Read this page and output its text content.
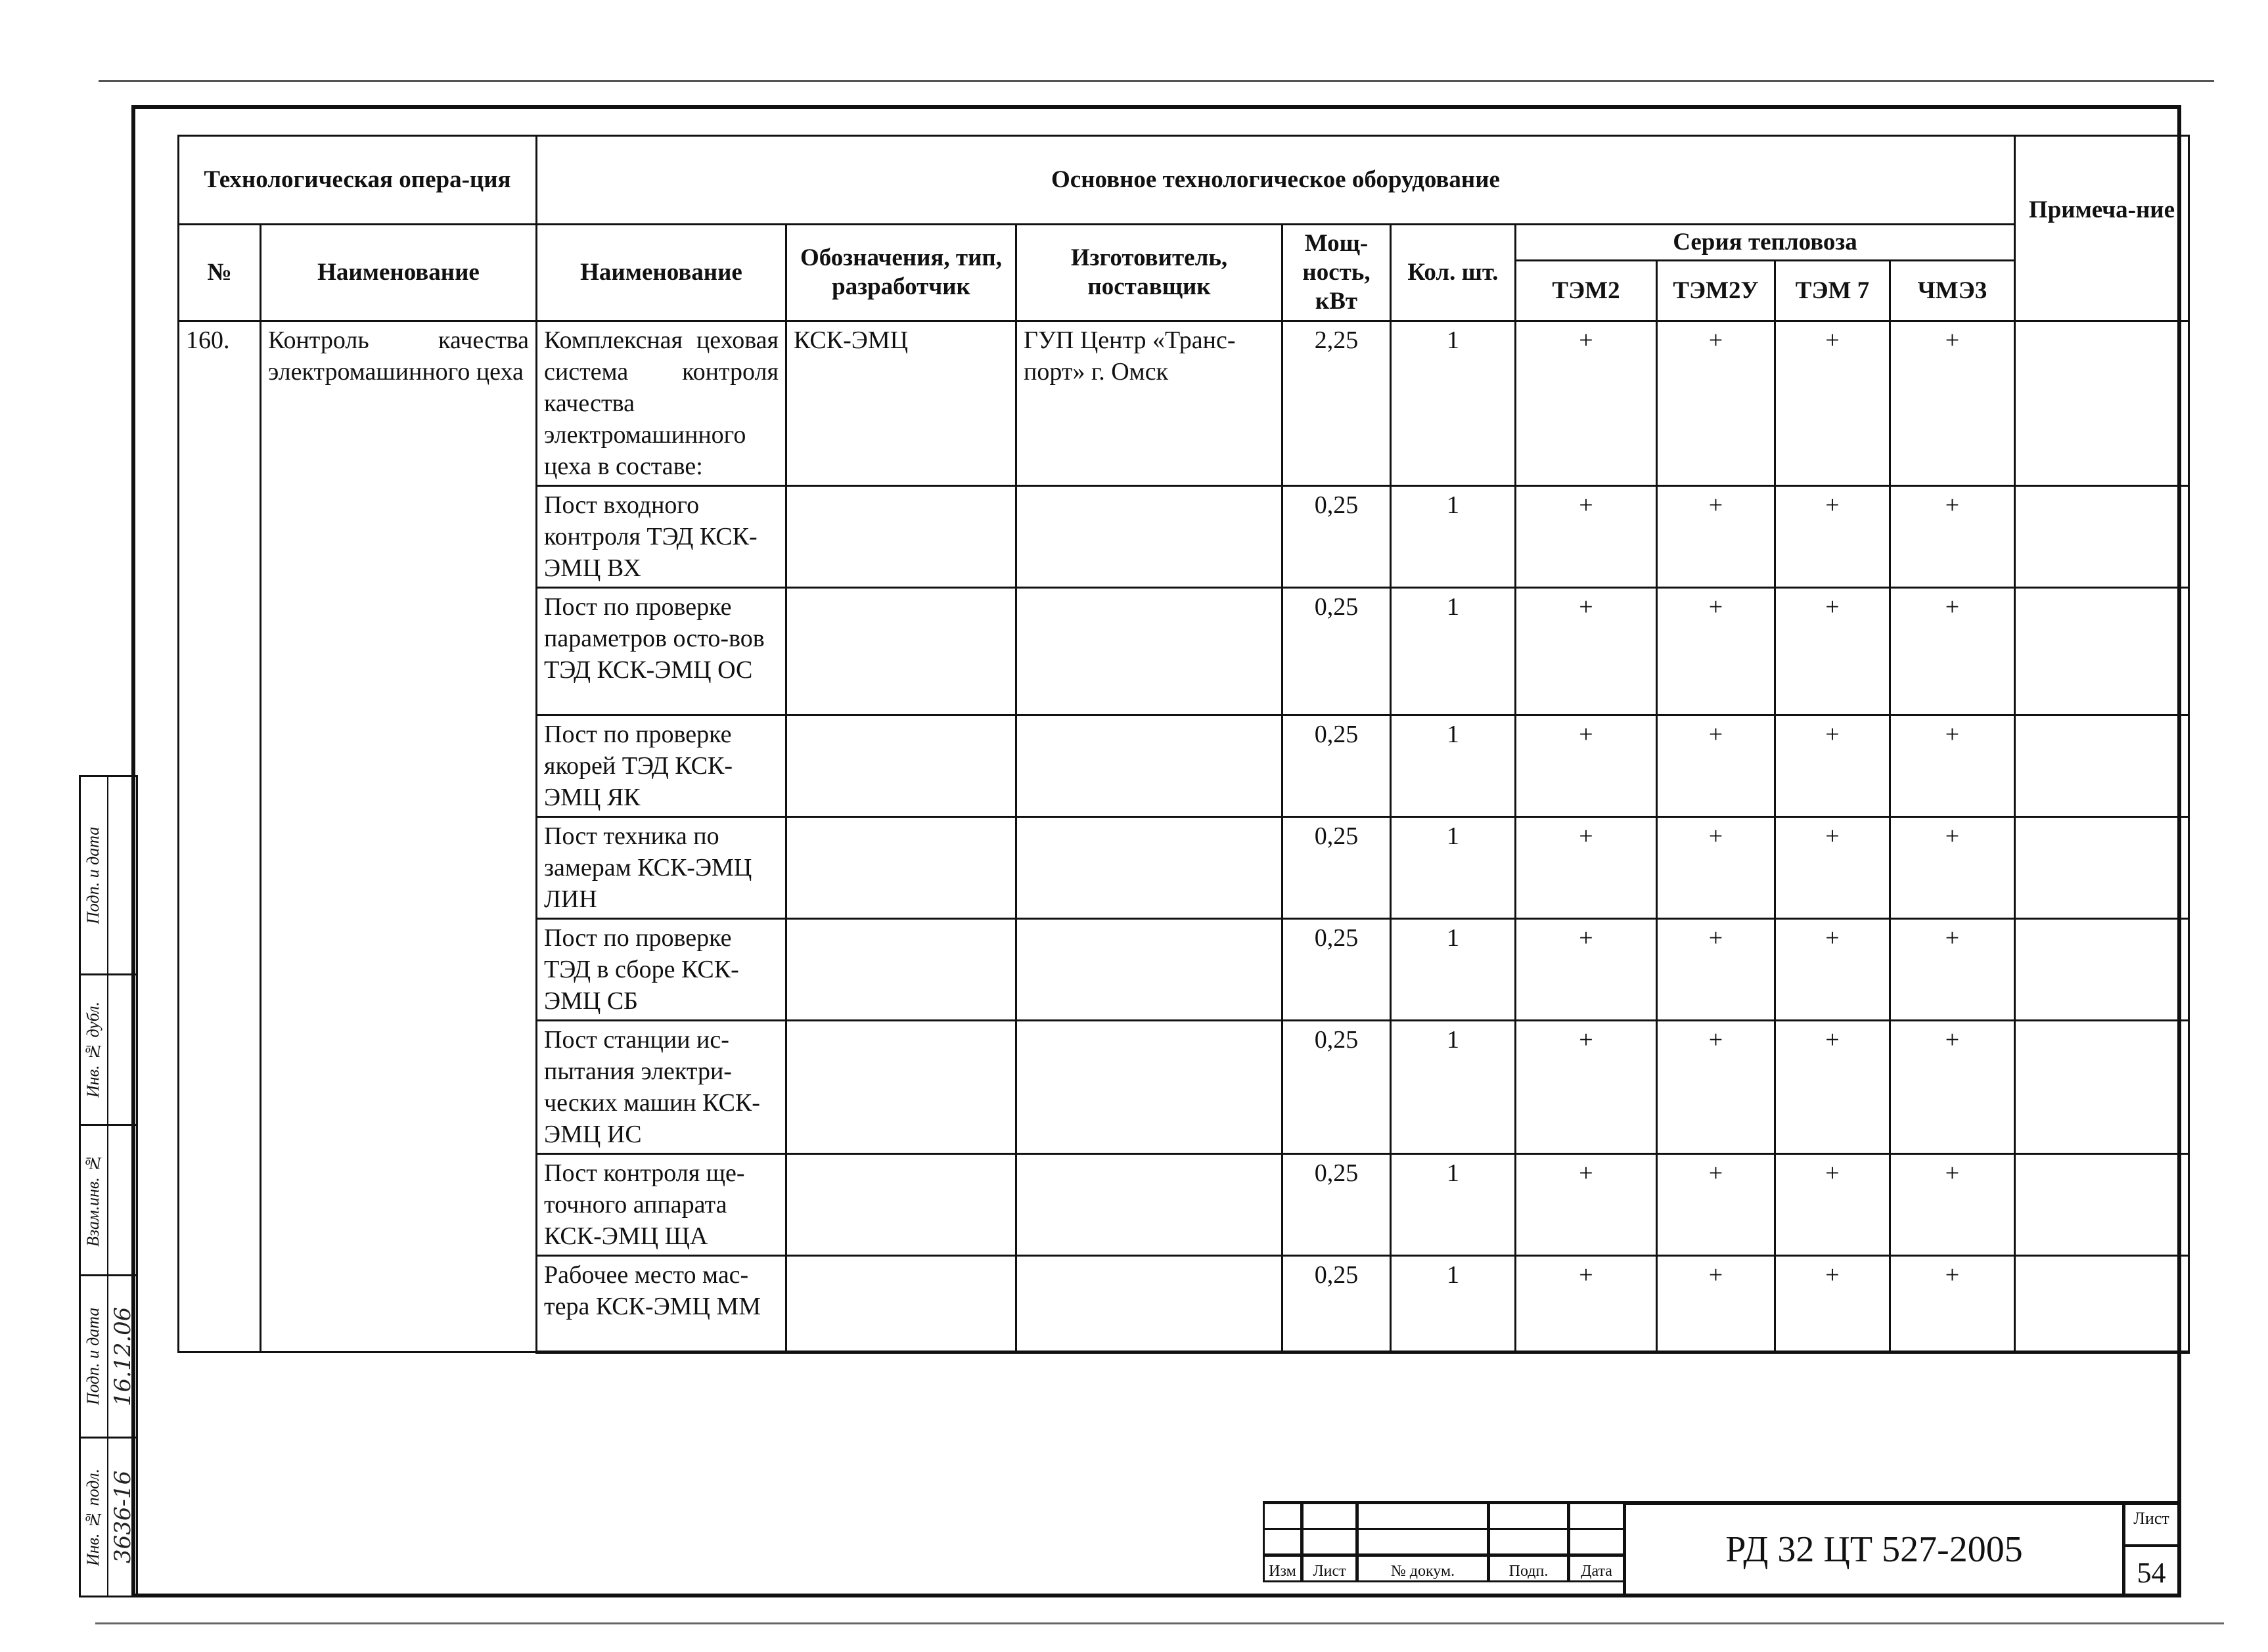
Технологическая опера-ция		Основное технологическое оборудование									Примеча-ние
№	Наименование	Наименование	Обозначения, тип, разработчик	Изготовитель, поставщик	Мощ-ность, кВт	Кол. шт.	Серия тепловоза				
							ТЭМ2	ТЭМ2У	ТЭМ 7	ЧМЭ3	
160.	Контроль качества электромашинного цеха	Комплексная цеховая система контроля качества электромашинного цеха в составе:	КСК-ЭМЦ	ГУП Центр «Транс-порт» г. Омск	2,25	1	+	+	+	+	
		Пост входного контроля ТЭД КСК-ЭМЦ ВХ			0,25	1	+	+	+	+	
		Пост по проверке параметров осто-вов ТЭД КСК-ЭМЦ ОС			0,25	1	+	+	+	+	
		Пост по проверке якорей ТЭД КСК-ЭМЦ ЯК			0,25	1	+	+	+	+	
		Пост техника по замерам КСК-ЭМЦ ЛИН			0,25	1	+	+	+	+	
		Пост по проверке ТЭД в сборе КСК-ЭМЦ СБ			0,25	1	+	+	+	+	
		Пост станции ис-пытания электри-ческих машин КСК-ЭМЦ ИС			0,25	1	+	+	+	+	
		Пост контроля ще-точного аппарата КСК-ЭМЦ ЩА			0,25	1	+	+	+	+	
		Рабочее место мас-тера КСК-ЭМЦ ММ			0,25	1	+	+	+	+	
Подп. и дата
Инв. № дубл.
Взам.инв. №
Подп. и дата 16.12.06
Инв. № подл. 3636-16

Изм	Лист	№ докум.	Подп.	Дата
РД 32 ЦТ 527-2005
Лист
54
